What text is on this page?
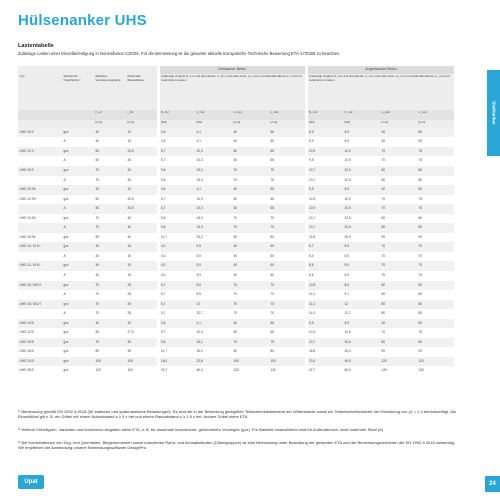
Hülsenanker UHS
Lastentabelle
Zulässige Lasten einer Einzelbefestigung in Normalbeton C20/25. Für die Bemessung ist die gesamte aktuelle Europäische Technische Bewertung ETA-17/0308 zu beachten.
				Gerissener Beton				Ungerissener Beton			
Typ	Werkstoff / Oberfläche¹⁾	Effektive Verankerungstiefe	Maximale Bauteildicke	Zulässige Zuglast N_zul und Querlasten V_zul; minimale Achs- (s_min) und Randabstände (c_min) mit reduzierten Lasten				Zulässige Zuglast N_zul und Querlasten V_zul; minimale Achs- (s_min) und Randabstände (c_min) mit reduzierten Lasten			
		h_ef	t_fix	N_zul	V_zul	s_min	c_min	N_zul	V_zul	s_min	c_min
		[mm]	[mm]	[kN]	[kN]	[mm]	[mm]	[kN]	[kN]	[mm]	[mm]
UHS 10 S	gvz	40	10	3,6	4,1	40	55	5,9	5,9	40	55
	A	40	10	3,6	4,1	40	55	5,9	5,9	40	55
UHS 12 S	gvz	50	20,5	5,7	10,3	50	65	10,9	10,9	70	75
	A	50	25	5,7	10,3	50	65	9,5	10,9	70	75
UHS 15 S	gvz	70	40	9,6	15,2	70	75	13,7	22,6	80	80
	A	70	40	9,6	15,3	70	75	13,7	22,6	80	80
UHS 10 SK	gvz	40	10	3,6	4,1	40	55	5,9	5,9	40	55
UHS 12 SK	gvz	50	20,5	5,7	10,3	50	65	10,9	10,9	70	75
	A	50	20,5	5,7	10,3	50	65	10,9	10,9	70	75
UHS 15 SK	gvz	70	40	9,6	15,3	70	75	13,7	22,6	80	80
	A	70	40	9,6	15,3	70	75	13,7	22,6	80	80
UHS 18 SK	gvz	80	40	11,7	25,2	80	80	16,8	25,3	90	90
UHS 10 / M 6 I	gvz	40	15	4,0	5,9	40	60	6,7	5,9	70	70
	A	40	15	4,0	5,9	40	60	5,4	5,5	70	70
UHS 12 / M 8 I	gvz	40	15	4,0	5,9	40	60	8,6	5,9	70	70
	A	40	15	4,0	5,9	40	60	8,6	5,9	70	70
UHS 15 / M10 I	gvz	70	25	5,7	8,5	70	70	10,8	8,6	80	80
	A	70	25	5,7	8,5	70	70	14,1	9,1	80	80
UHS 15 / M12 I	gvz	70	25	5,7	12	70	70	14,1	12	80	80
	A	70	25	5,7	12,7	70	70	14,1	12,7	80	80
UHS 10 B	gvz	40	10	3,6	4,1	40	55	5,9	5,9	40	55
UHS 12 B	gvz	50	27,5	5,7	10,3	50	65	10,9	10,6	70	75
UHS 15 B	gvz	70	35	9,6	15,2	70	75	13,7	26,5	80	80
UHS 18 B	gvz	80	35	11,7	25,2	80	80	16,8	25,3	90	90
UHS 24 B	gvz	100	100	16,4	32,8	100	100	23,4	46,9	120	120
UHS 28 B	gvz	120	100	20,7	46,4	120	120	22,7	65,3	130	130
Stahlanker
¹⁾ Bemessung gemäß EN 1992-4:2018 (für statische und quasi-statische Belastungen). Es sind die in der Bewertung geregelten Teilsicherheitsbeiwerte der Widerstände sowie ein Teilsicherheitsbeiwert der Einwirkung von γL = 1,4 berücksichtigt. Als Einzeldübel gilt z. B. ein Dübel mit einem Achsabstand s ≥ 3 x hef und einem Randabstand c ≥ 1,5 x hef. Andere Dübel siehe ETA.
²⁾ Weitere Dübeltypen, Varianten und technische Angaben siehe ETA, z. B. für maximale Innenbohrer, gehemmtem Vorzeigen (gvz). Für Bauteile hinausführen sind für Außenbereich, nicht rostender Stahl (A)
³⁾ Bei Kombinationen von Zug- und Querlasten, Biegemomenten sowie reduzierten Rand- und Achsabständen (Dübelgruppen) ist eine Bemessung unter Beachtung der gesamten ETA und der Bemessungsverfahren der EN 1992-4:2018 notwendig. Wir empfehlen die Anwendung unserer Bemessungssoftware DesignPro.
Upat	24
